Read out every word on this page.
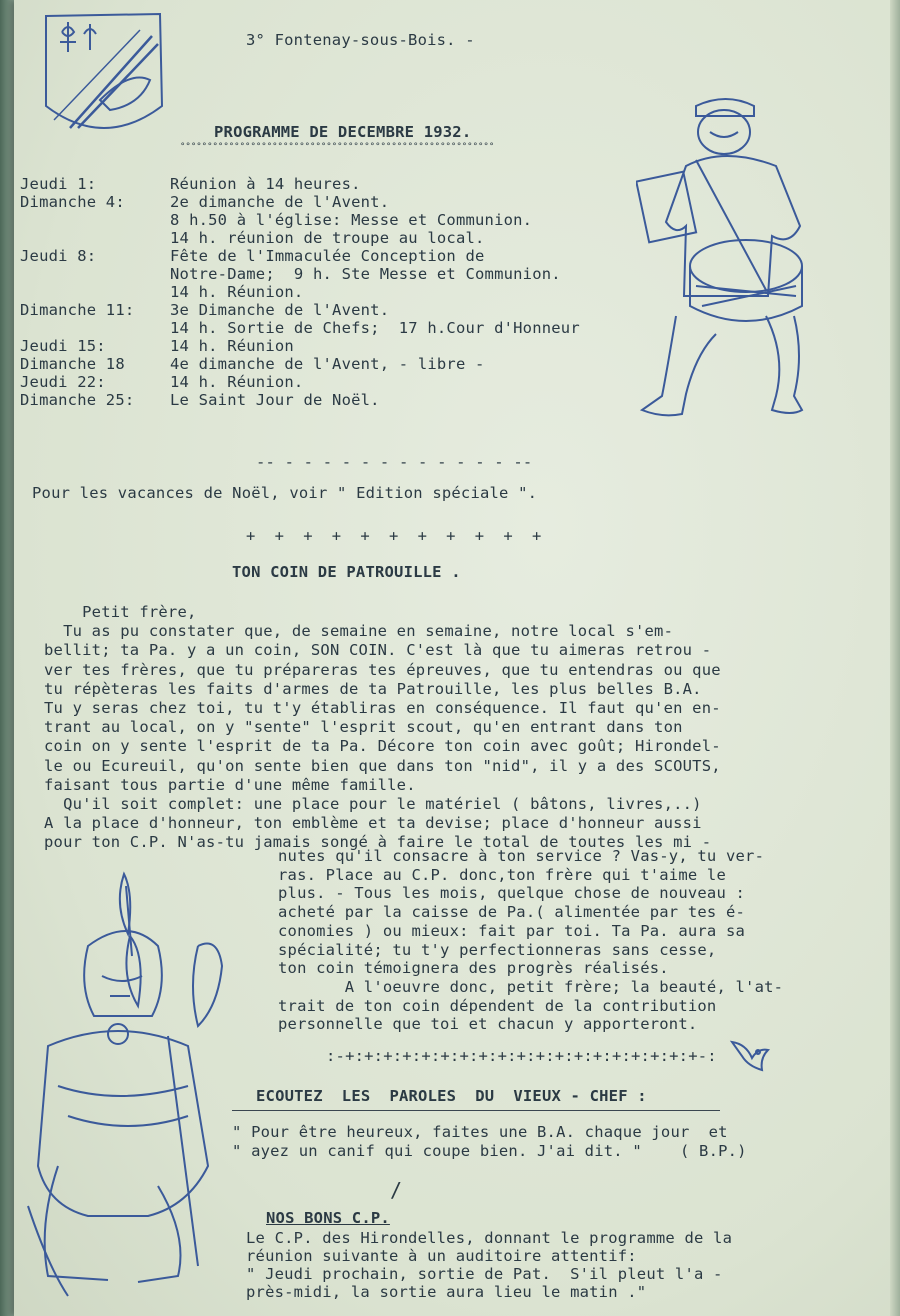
3° Fontenay-sous-Bois. -
PROGRAMME DE DECEMBRE 1932.
°°°°°°°°°°°°°°°°°°°°°°°°°°°°°°°°°°°°°°°°°°°°°°°°°°°°°°°°°°
Jeudi 1:	Réunion à 14 heures.
Dimanche 4:	2e dimanche de l'Avent.
8 h.50 à l'église: Messe et Communion.
14 h. réunion de troupe au local.
Jeudi 8:	Fête de l'Immaculée Conception de
Notre-Dame;  9 h. Ste Messe et Communion.
14 h. Réunion.
Dimanche 11: 3e Dimanche de l'Avent.
14 h. Sortie de Chefs;  17 h.Cour d'Honneur
Jeudi 15:	14 h. Réunion
Dimanche 18	4e dimanche de l'Avent, - libre -
Jeudi 22:	14 h. Réunion.
Dimanche 25: Le Saint Jour de Noël.
-- - - - - - - - - - - - - --
Pour les vacances de Noël, voir " Edition spéciale ".
+  +  +  +  +  +  +  +  +  +  +
TON COIN DE PATROUILLE .
Petit frère,
Tu as pu constater que, de semaine en semaine, notre local s'em-
bellit; ta Pa. y a un coin, SON COIN. C'est là que tu aimeras retrou -
ver tes frères, que tu prépareras tes épreuves, que tu entendras ou que
tu répèteras les faits d'armes de ta Patrouille, les plus belles B.A.
Tu y seras chez toi, tu t'y établiras en conséquence. Il faut qu'en en-
trant au local, on y "sente" l'esprit scout, qu'en entrant dans ton
coin on y sente l'esprit de ta Pa. Décore ton coin avec goût; Hirondel-
le ou Ecureuil, qu'on sente bien que dans ton "nid", il y a des SCOUTS,
faisant tous partie d'une même famille.
Qu'il soit complet: une place pour le matériel ( bâtons, livres,..)
A la place d'honneur, ton emblème et ta devise; place d'honneur aussi
pour ton C.P. N'as-tu jamais songé à faire le total de toutes les mi -
nutes qu'il consacre à ton service ? Vas-y, tu ver-
ras. Place au C.P. donc,ton frère qui t'aime le
plus. - Tous les mois, quelque chose de nouveau :
acheté par la caisse de Pa.( alimentée par tes é-
conomies ) ou mieux: fait par toi. Ta Pa. aura sa
spécialité; tu t'y perfectionneras sans cesse,
ton coin témoignera des progrès réalisés.
A l'oeuvre donc, petit frère; la beauté, l'at-
trait de ton coin dépendent de la contribution
personnelle que toi et chacun y apporteront.
:-+:+:+:+:+:+:+:+:+:+:+:+:+:+:+:+:+:+:+-:
ECOUTEZ  LES  PAROLES  DU  VIEUX - CHEF :
" Pour être heureux, faites une B.A. chaque jour  et
" ayez un canif qui coupe bien. J'ai dit. "    ( B.P.)
/
NOS BONS C.P.
Le C.P. des Hirondelles, donnant le programme de la
réunion suivante à un auditoire attentif:
" Jeudi prochain, sortie de Pat.  S'il pleut l'a -
près-midi, la sortie aura lieu le matin ."
